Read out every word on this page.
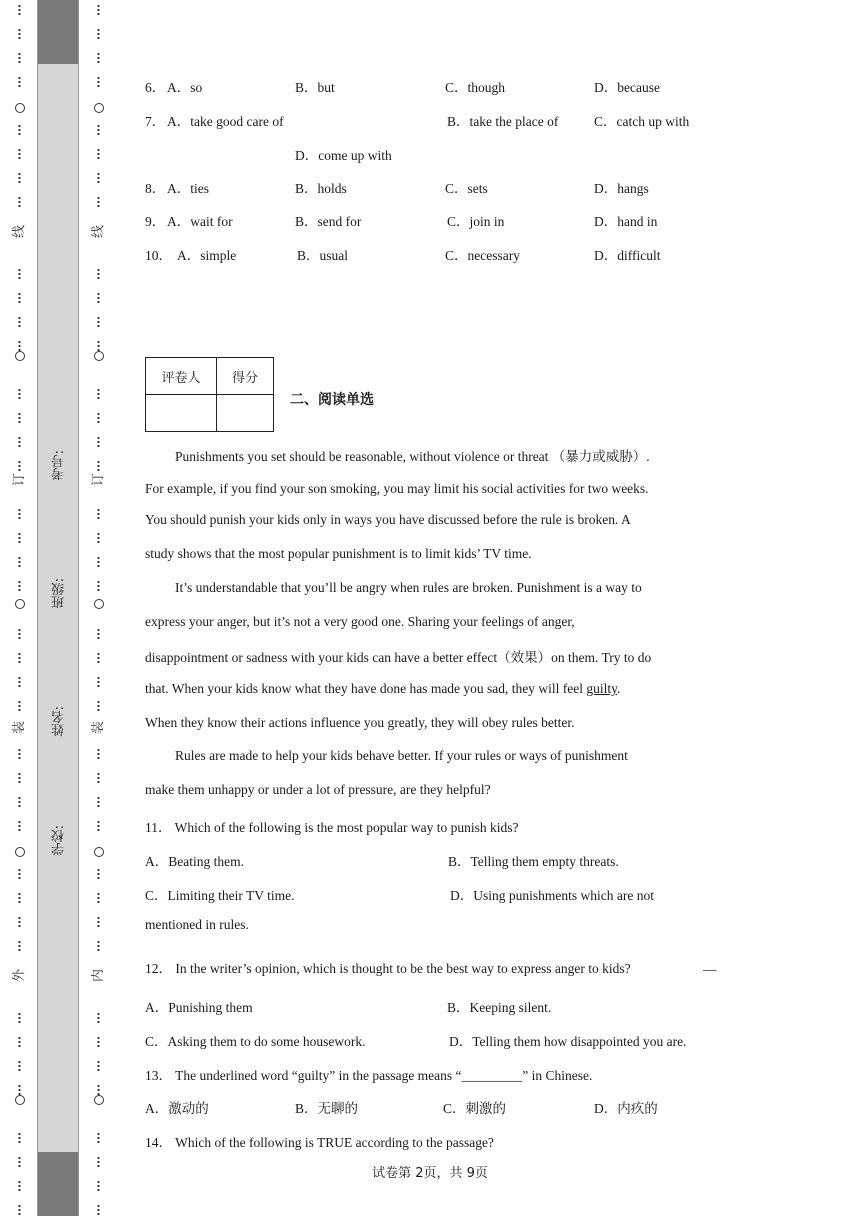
线
订
装
外
考号:
班级:
姓名:
学校:
线
订
装
内
6． A．so	B．but	C．though	D．because
7． A．take good care of	B．take the place of	C．catch up with
D．come up with
8． A．ties	B．holds	C．sets	D．hangs
9． A．wait for	B．send for	C．join in	D．hand in
10． A．simple	B．usual	C．necessary	D．difficult
评卷人	得分

二、阅读单选
Punishments you set should be reasonable, without violence or threat （暴力或威胁）.
For example, if you find your son smoking, you may limit his social activities for two weeks.
You should punish your kids only in ways you have discussed before the rule is broken. A
study shows that the most popular punishment is to limit kids’ TV time.
It’s understandable that you’ll be angry when rules are broken. Punishment is a way to
express your anger, but it’s not a very good one. Sharing your feelings of anger,
disappointment or sadness with your kids can have a better effect（效果）on them. Try to do
that. When your kids know what they have done has made you sad, they will feel guilty.
When they know their actions influence you greatly, they will obey rules better.
Rules are made to help your kids behave better. If your rules or ways of punishment
make them unhappy or under a lot of pressure, are they helpful?
11． Which of the following is the most popular way to punish kids?
A．Beating them.	B．Telling them empty threats.
C．Limiting their TV time.	D．Using punishments which are not
mentioned in rules.
12． In the writer’s opinion, which is thought to be the best way to express anger to kids?	__
A．Punishing them	B．Keeping silent.
C．Asking them to do some housework.	D．Telling them how disappointed you are.
13． The underlined word “guilty” in the passage means “_________” in Chinese.
A．激动的	B．无聊的	C．刺激的	D．内疚的
14． Which of the following is TRUE according to the passage?
试卷第 2页，共 9页
